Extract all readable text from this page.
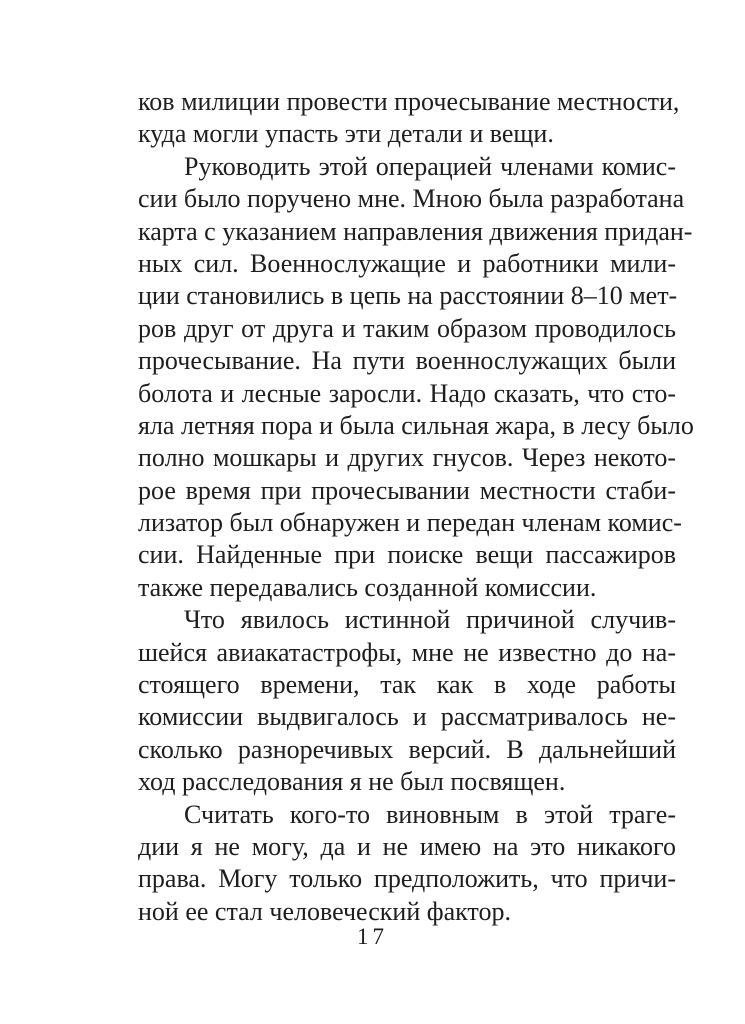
ков милиции провести прочесывание местности,
куда могли упасть эти детали и вещи.
Руководить этой операцией членами комис-
сии было поручено мне. Мною была разработана
карта с указанием направления движения придан-
ных сил. Военнослужащие и работники мили-
ции становились в цепь на расстоянии 8–10 мет-
ров друг от друга и таким образом проводилось
прочесывание. На пути военнослужащих были
болота и лесные заросли. Надо сказать, что сто-
яла летняя пора и была сильная жара, в лесу было
полно мошкары и других гнусов. Через некото-
рое время при прочесывании местности стаби-
лизатор был обнаружен и передан членам комис-
сии. Найденные при поиске вещи пассажиров
также передавались созданной комиссии.
Что явилось истинной причиной случив-
шейся авиакатастрофы, мне не известно до на-
стоящего времени, так как в ходе работы
комиссии выдвигалось и рассматривалось не-
сколько разноречивых версий. В дальнейший
ход расследования я не был посвящен.
Считать кого-то виновным в этой траге-
дии я не могу, да и не имею на это никакого
права. Могу только предположить, что причи-
ной ее стал человеческий фактор.
17
